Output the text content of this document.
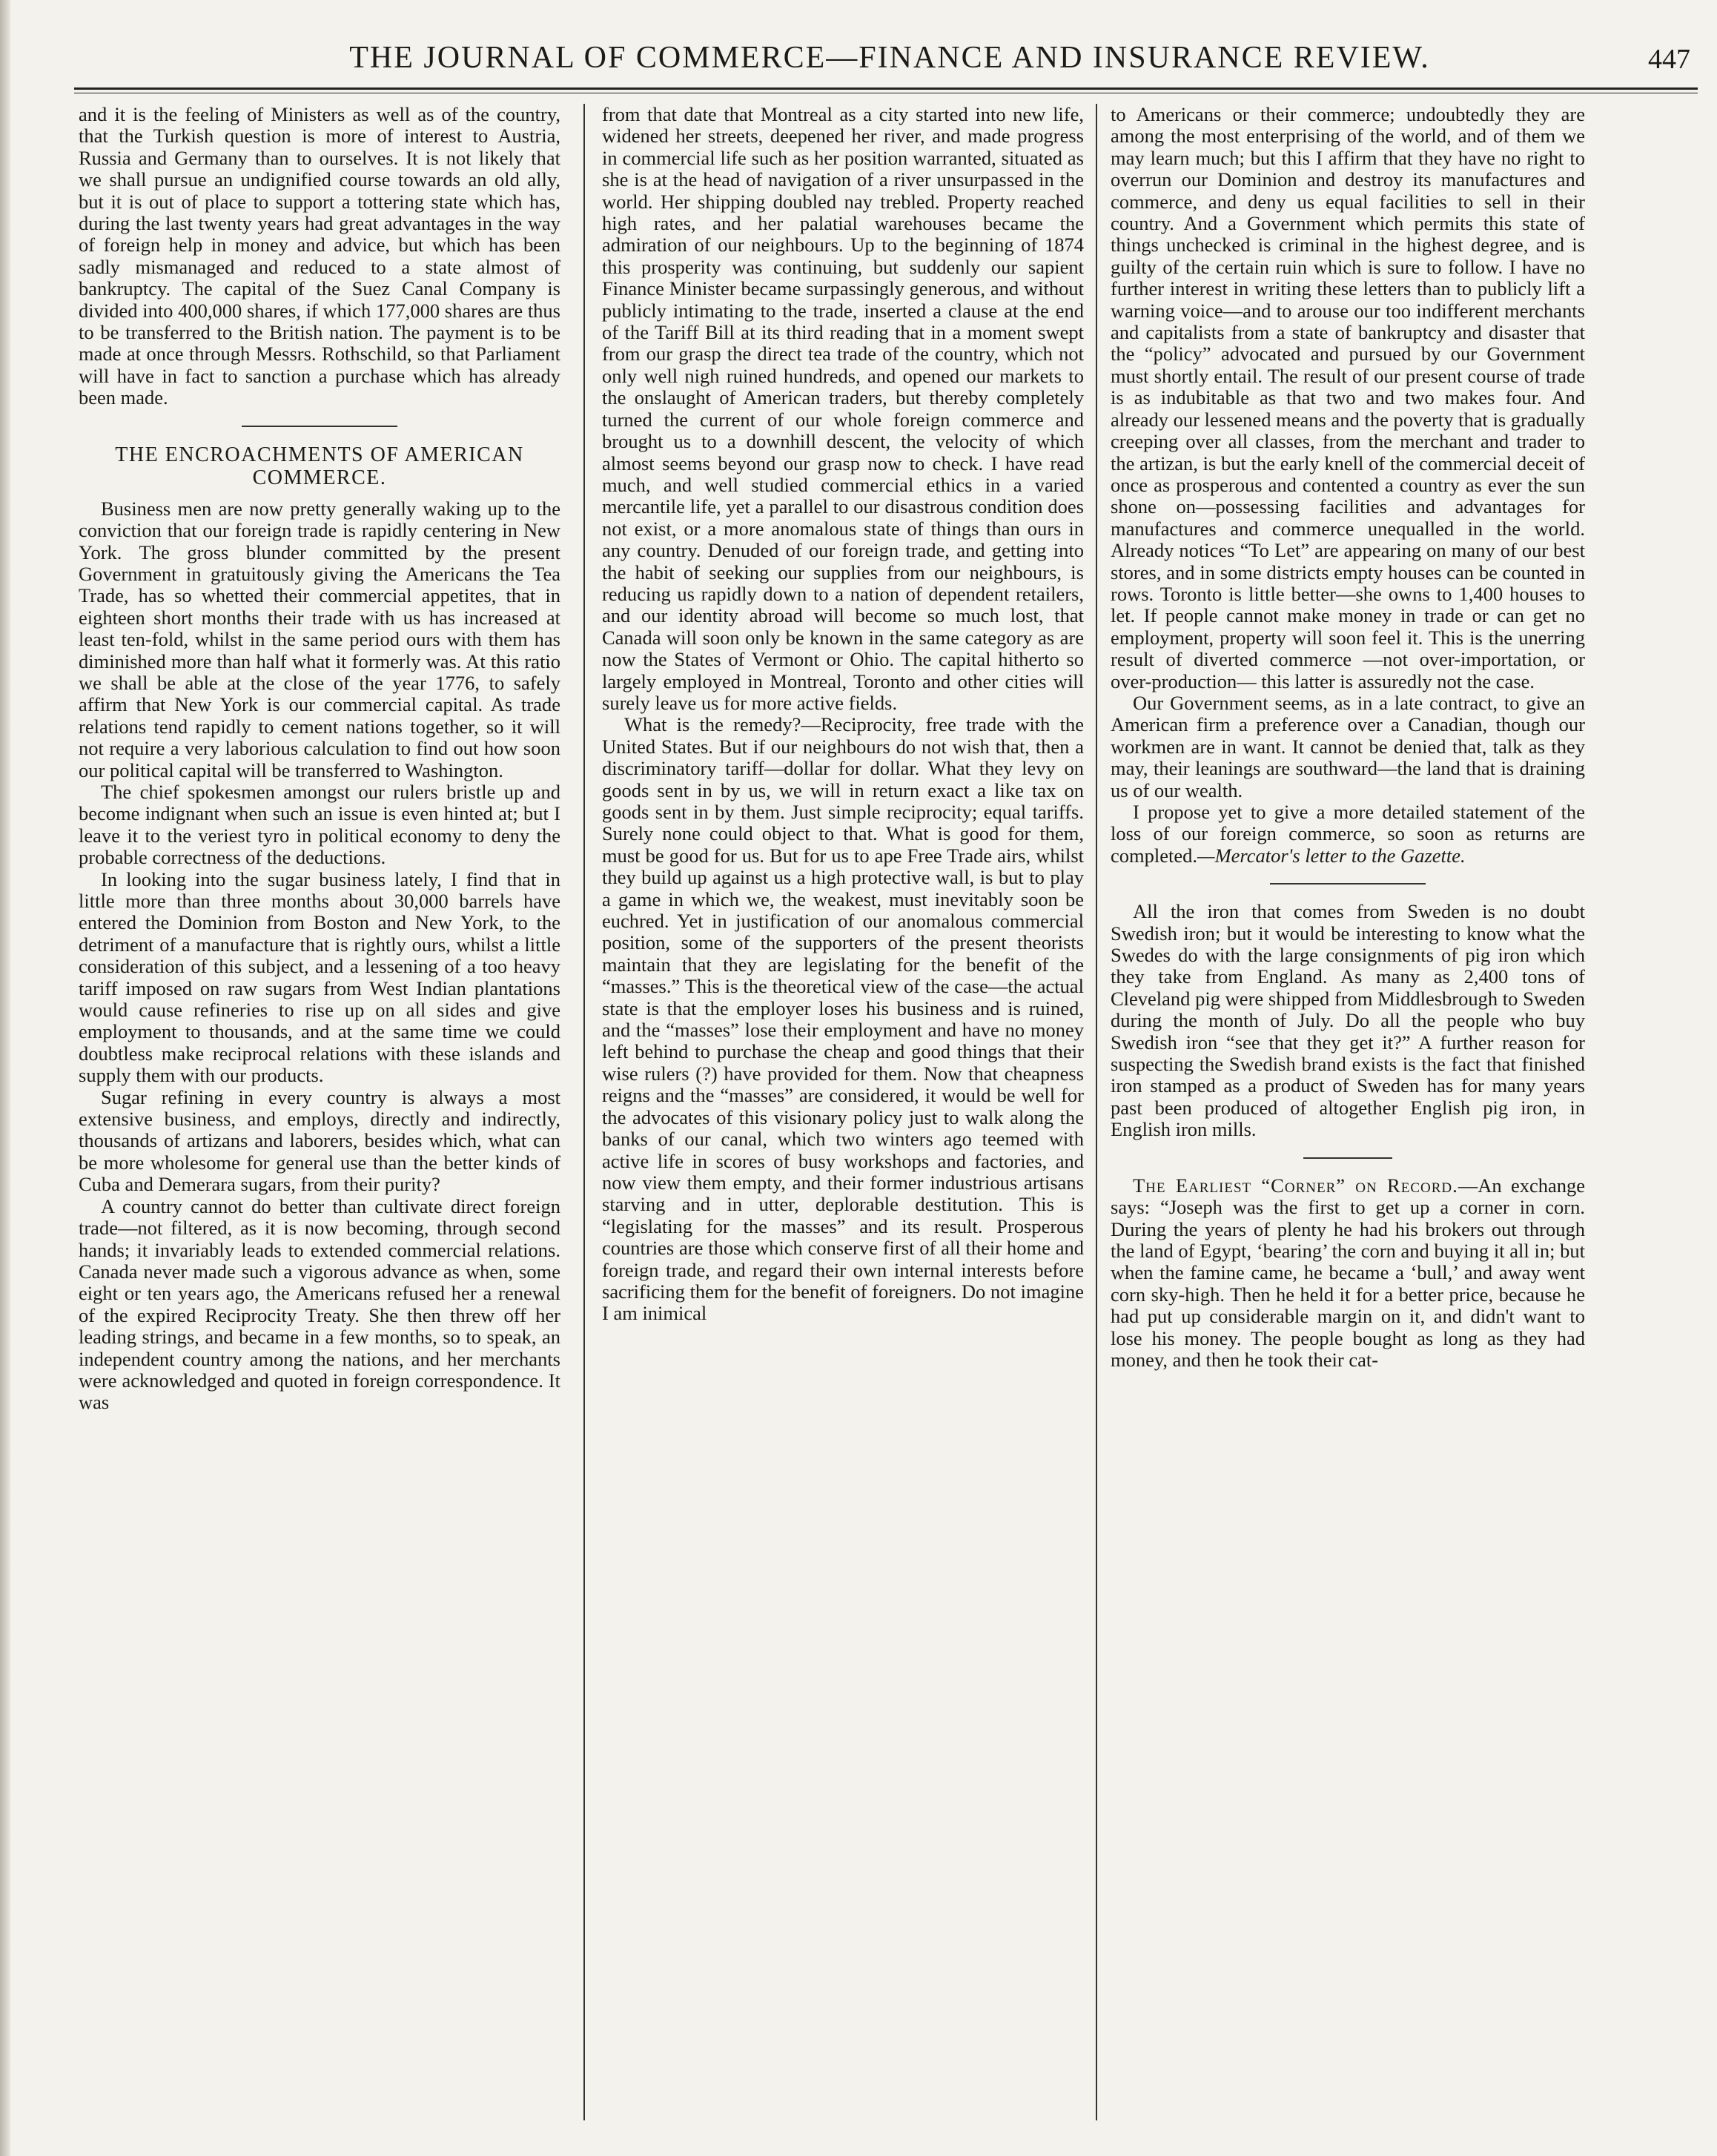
THE JOURNAL OF COMMERCE—FINANCE AND INSURANCE REVIEW.	447

and it is the feeling of Ministers as well as of the country, that the Turkish question is more of interest to Austria, Russia and Germany than to ourselves. It is not likely that we shall pursue an undignified course towards an old ally, but it is out of place to support a tottering state which has, during the last twenty years had great advantages in the way of foreign help in money and advice, but which has been sadly mismanaged and reduced to a state almost of bankruptcy. The capital of the Suez Canal Company is divided into 400,000 shares, if which 177,000 shares are thus to be transferred to the British nation. The payment is to be made at once through Messrs. Rothschild, so that Parliament will have in fact to sanction a purchase which has already been made.

THE ENCROACHMENTS OF AMERICAN
COMMERCE.

Business men are now pretty generally waking up to the conviction that our foreign trade is rapidly centering in New York. The gross blunder committed by the present Government in gratuitously giving the Americans the Tea Trade, has so whetted their commercial appetites, that in eighteen short months their trade with us has increased at least ten-fold, whilst in the same period ours with them has diminished more than half what it formerly was. At this ratio we shall be able at the close of the year 1776, to safely affirm that New York is our commercial capital. As trade relations tend rapidly to cement nations together, so it will not require a very laborious calculation to find out how soon our political capital will be transferred to Washington.

The chief spokesmen amongst our rulers bristle up and become indignant when such an issue is even hinted at; but I leave it to the veriest tyro in political economy to deny the probable correctness of the deductions.

In looking into the sugar business lately, I find that in little more than three months about 30,000 barrels have entered the Dominion from Boston and New York, to the detriment of a manufacture that is rightly ours, whilst a little consideration of this subject, and a lessening of a too heavy tariff imposed on raw sugars from West Indian plantations would cause refineries to rise up on all sides and give employment to thousands, and at the same time we could doubtless make reciprocal relations with these islands and supply them with our products.

Sugar refining in every country is always a most extensive business, and employs, directly and indirectly, thousands of artizans and laborers, besides which, what can be more wholesome for general use than the better kinds of Cuba and Demerara sugars, from their purity?

A country cannot do better than cultivate direct foreign trade—not filtered, as it is now becoming, through second hands; it invariably leads to extended commercial relations. Canada never made such a vigorous advance as when, some eight or ten years ago, the Americans refused her a renewal of the expired Reciprocity Treaty. She then threw off her leading strings, and became in a few months, so to speak, an independent country among the nations, and her merchants were acknowledged and quoted in foreign correspondence. It was

from that date that Montreal as a city started into new life, widened her streets, deepened her river, and made progress in commercial life such as her position warranted, situated as she is at the head of navigation of a river unsurpassed in the world. Her shipping doubled nay trebled. Property reached high rates, and her palatial warehouses became the admiration of our neighbours. Up to the beginning of 1874 this prosperity was continuing, but suddenly our sapient Finance Minister became surpassingly generous, and without publicly intimating to the trade, inserted a clause at the end of the Tariff Bill at its third reading that in a moment swept from our grasp the direct tea trade of the country, which not only well nigh ruined hundreds, and opened our markets to the onslaught of American traders, but thereby completely turned the current of our whole foreign commerce and brought us to a downhill descent, the velocity of which almost seems beyond our grasp now to check. I have read much, and well studied commercial ethics in a varied mercantile life, yet a parallel to our disastrous condition does not exist, or a more anomalous state of things than ours in any country. Denuded of our foreign trade, and getting into the habit of seeking our supplies from our neighbours, is reducing us rapidly down to a nation of dependent retailers, and our identity abroad will become so much lost, that Canada will soon only be known in the same category as are now the States of Vermont or Ohio. The capital hitherto so largely employed in Montreal, Toronto and other cities will surely leave us for more active fields.

What is the remedy?—Reciprocity, free trade with the United States. But if our neighbours do not wish that, then a discriminatory tariff—dollar for dollar. What they levy on goods sent in by us, we will in return exact a like tax on goods sent in by them. Just simple reciprocity; equal tariffs. Surely none could object to that. What is good for them, must be good for us. But for us to ape Free Trade airs, whilst they build up against us a high protective wall, is but to play a game in which we, the weakest, must inevitably soon be euchred. Yet in justification of our anomalous commercial position, some of the supporters of the present theorists maintain that they are legislating for the benefit of the “masses.” This is the theoretical view of the case—the actual state is that the employer loses his business and is ruined, and the “masses” lose their employment and have no money left behind to purchase the cheap and good things that their wise rulers (?) have provided for them. Now that cheapness reigns and the “masses” are considered, it would be well for the advocates of this visionary policy just to walk along the banks of our canal, which two winters ago teemed with active life in scores of busy workshops and factories, and now view them empty, and their former industrious artisans starving and in utter, deplorable destitution. This is “legislating for the masses” and its result. Prosperous countries are those which conserve first of all their home and foreign trade, and regard their own internal interests before sacrificing them for the benefit of foreigners. Do not imagine I am inimical

to Americans or their commerce; undoubtedly they are among the most enterprising of the world, and of them we may learn much; but this I affirm that they have no right to overrun our Dominion and destroy its manufactures and commerce, and deny us equal facilities to sell in their country. And a Government which permits this state of things unchecked is criminal in the highest degree, and is guilty of the certain ruin which is sure to follow. I have no further interest in writing these letters than to publicly lift a warning voice—and to arouse our too indifferent merchants and capitalists from a state of bankruptcy and disaster that the “policy” advocated and pursued by our Government must shortly entail. The result of our present course of trade is as indubitable as that two and two makes four. And already our lessened means and the poverty that is gradually creeping over all classes, from the merchant and trader to the artizan, is but the early knell of the commercial deceit of once as prosperous and contented a country as ever the sun shone on—possessing facilities and advantages for manufactures and commerce unequalled in the world. Already notices “To Let” are appearing on many of our best stores, and in some districts empty houses can be counted in rows. Toronto is little better—she owns to 1,400 houses to let. If people cannot make money in trade or can get no employment, property will soon feel it. This is the unerring result of diverted commerce —not over-importation, or over-production— this latter is assuredly not the case.

Our Government seems, as in a late contract, to give an American firm a preference over a Canadian, though our workmen are in want. It cannot be denied that, talk as they may, their leanings are southward—the land that is draining us of our wealth.

I propose yet to give a more detailed statement of the loss of our foreign commerce, so soon as returns are completed.—Mercator's letter to the Gazette.

All the iron that comes from Sweden is no doubt Swedish iron; but it would be interesting to know what the Swedes do with the large consignments of pig iron which they take from England. As many as 2,400 tons of Cleveland pig were shipped from Middlesbrough to Sweden during the month of July. Do all the people who buy Swedish iron “see that they get it?” A further reason for suspecting the Swedish brand exists is the fact that finished iron stamped as a product of Sweden has for many years past been produced of altogether English pig iron, in English iron mills.

The Earliest “Corner” on Record.—An exchange says: “Joseph was the first to get up a corner in corn. During the years of plenty he had his brokers out through the land of Egypt, ‘bearing’ the corn and buying it all in; but when the famine came, he became a ‘bull,’ and away went corn sky-high. Then he held it for a better price, because he had put up considerable margin on it, and didn't want to lose his money. The people bought as long as they had money, and then he took their cat-
